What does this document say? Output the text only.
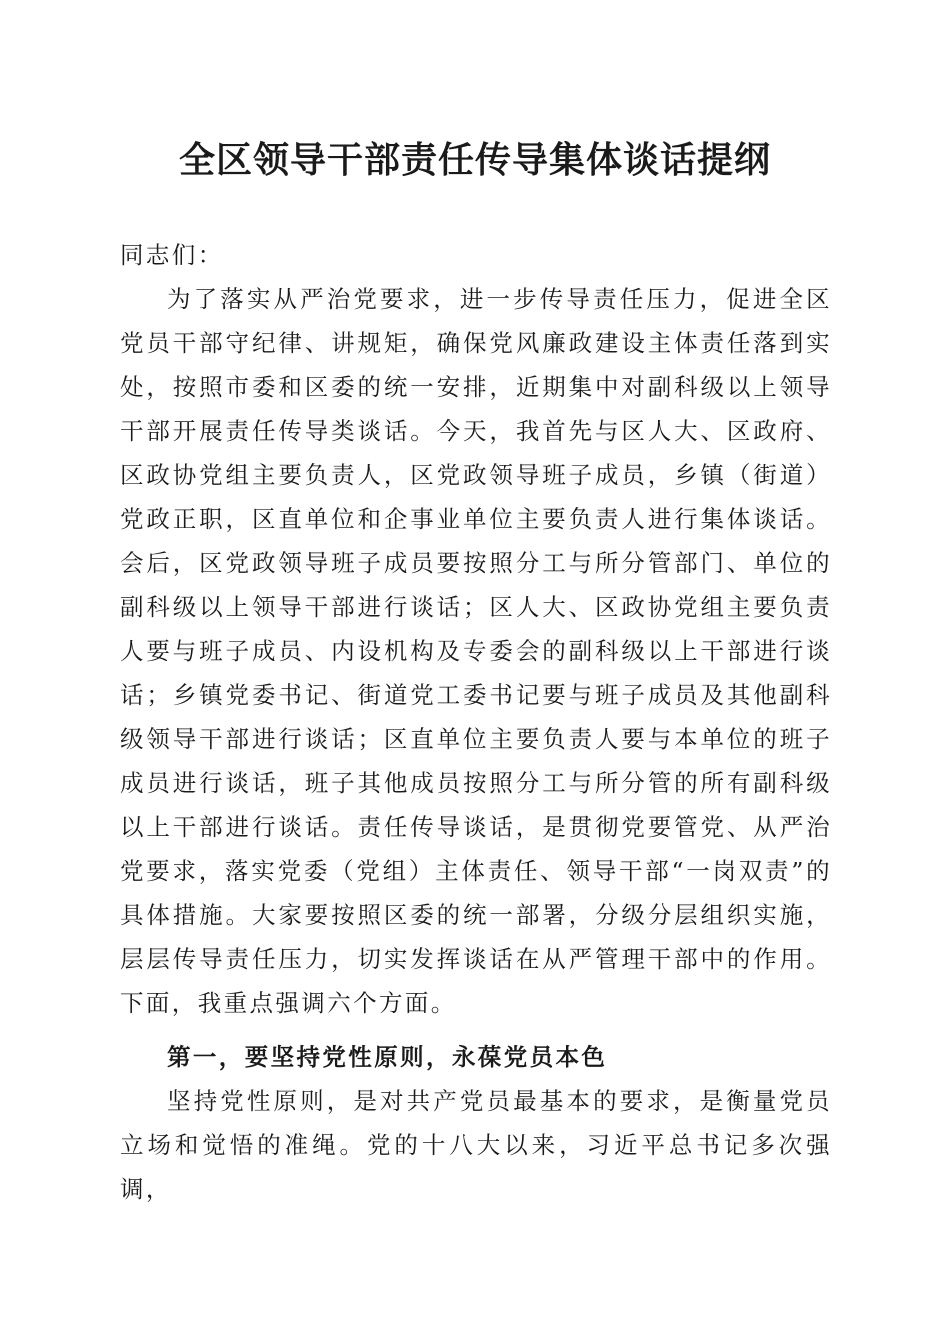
全区领导干部责任传导集体谈话提纲
同志们：
为了落实从严治党要求，进一步传导责任压力，促进全区党员干部守纪律、讲规矩，确保党风廉政建设主体责任落到实处，按照市委和区委的统一安排，近期集中对副科级以上领导干部开展责任传导类谈话。今天，我首先与区人大、区政府、区政协党组主要负责人，区党政领导班子成员，乡镇（街道）党政正职，区直单位和企事业单位主要负责人进行集体谈话。会后，区党政领导班子成员要按照分工与所分管部门、单位的副科级以上领导干部进行谈话；区人大、区政协党组主要负责人要与班子成员、内设机构及专委会的副科级以上干部进行谈话；乡镇党委书记、街道党工委书记要与班子成员及其他副科级领导干部进行谈话；区直单位主要负责人要与本单位的班子成员进行谈话，班子其他成员按照分工与所分管的所有副科级以上干部进行谈话。责任传导谈话，是贯彻党要管党、从严治党要求，落实党委（党组）主体责任、领导干部“一岗双责”的具体措施。大家要按照区委的统一部署，分级分层组织实施，层层传导责任压力，切实发挥谈话在从严管理干部中的作用。下面，我重点强调六个方面。
第一，要坚持党性原则，永葆党员本色
坚持党性原则，是对共产党员最基本的要求，是衡量党员立场和觉悟的准绳。党的十八大以来，习近平总书记多次强调，
